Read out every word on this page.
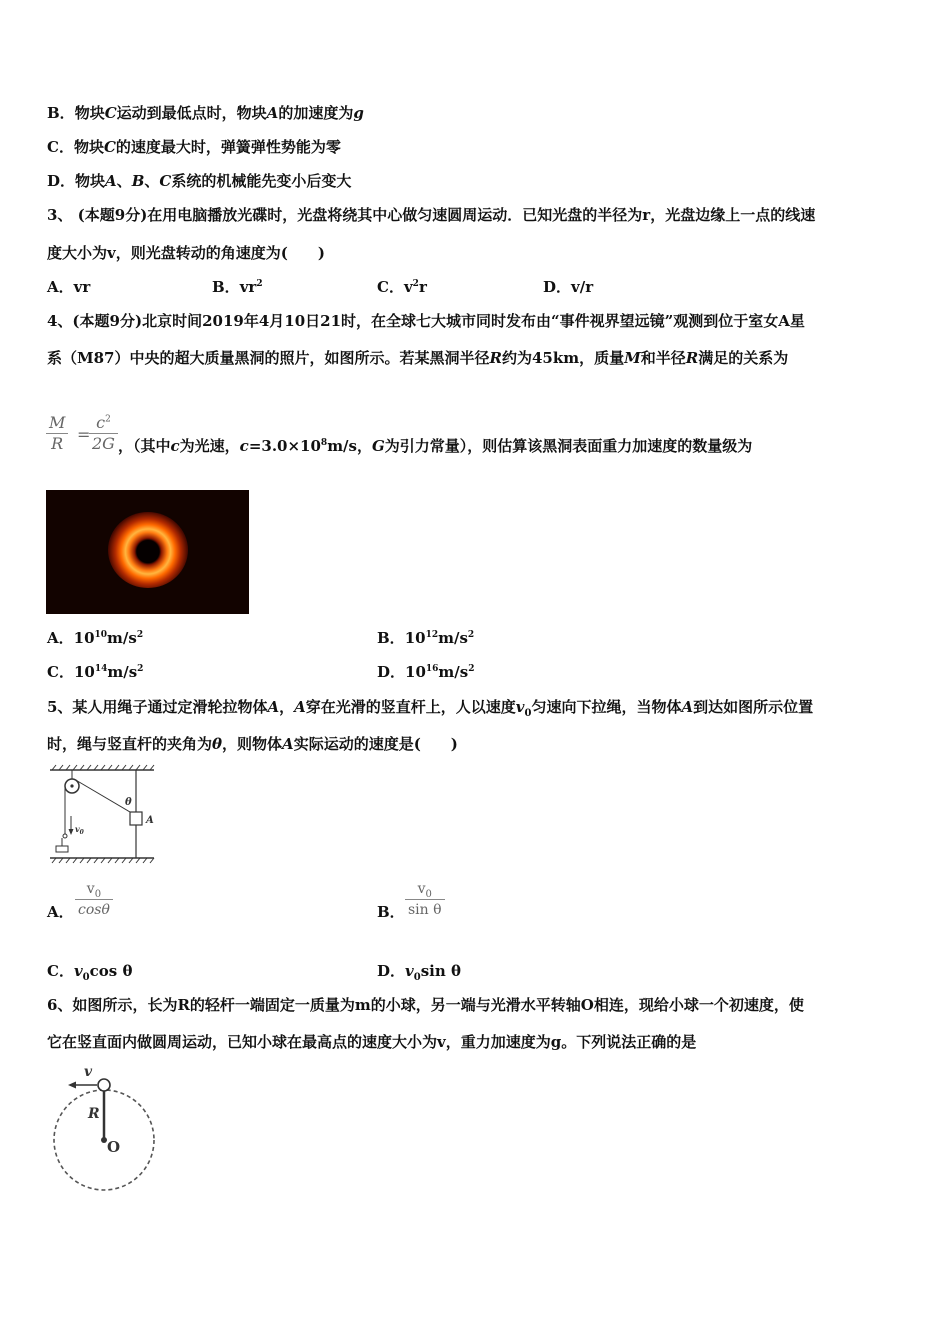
B．物块C运动到最低点时，物块A的加速度为g
C．物块C的速度最大时，弹簧弹性势能为零
D．物块A、B、C系统的机械能先变小后变大
3、 (本题9分)在用电脑播放光碟时，光盘将绕其中心做匀速圆周运动．已知光盘的半径为r，光盘边缘上一点的线速
度大小为v，则光盘转动的角速度为(　　)
A．vr	B．$vr^2$	C．$v^2r$	D．v/r
4、(本题9分)北京时间2019年4月10日21时，在全球七大城市同时发布由“事件视界望远镜”观测到位于室女A星
系（M87）中央的超大质量黑洞的照片，如图所示。若某黑洞半径R约为45km，质量M和半径R满足的关系为
$\frac{M}{R}$ =
$\frac{c^2}{2G}$ ，（其中c为光速，$c=3.0\times 10^8m/s$，G为引力常量），则估算该黑洞表面重力加速度的数量级为
A．$10^{10}m/s^2$	B．$10^{12}m/s^2$
C．$10^{14}m/s^2$	D．$10^{16}m/s^2$
5、某人用绳子通过定滑轮拉物体A，A穿在光滑的竖直杆上，人以速度$v_0$匀速向下拉绳，当物体A到达如图所示位置
时，绳与竖直杆的夹角为θ，则物体A实际运动的速度是(　　)
$v_0$
A
θ
A． $\frac{v_0}{\cos\theta}$	B． $\frac{v_0}{\text{sin θ}}$
C．$v_0\cos$ θ	D．$v_0\sin$ θ
6、如图所示，长为R的轻杆一端固定一质量为m的小球，另一端与光滑水平转轴O相连，现给小球一个初速度，使
它在竖直面内做圆周运动，已知小球在最高点的速度大小为v，重力加速度为g。下列说法正确的是
v
R
O
